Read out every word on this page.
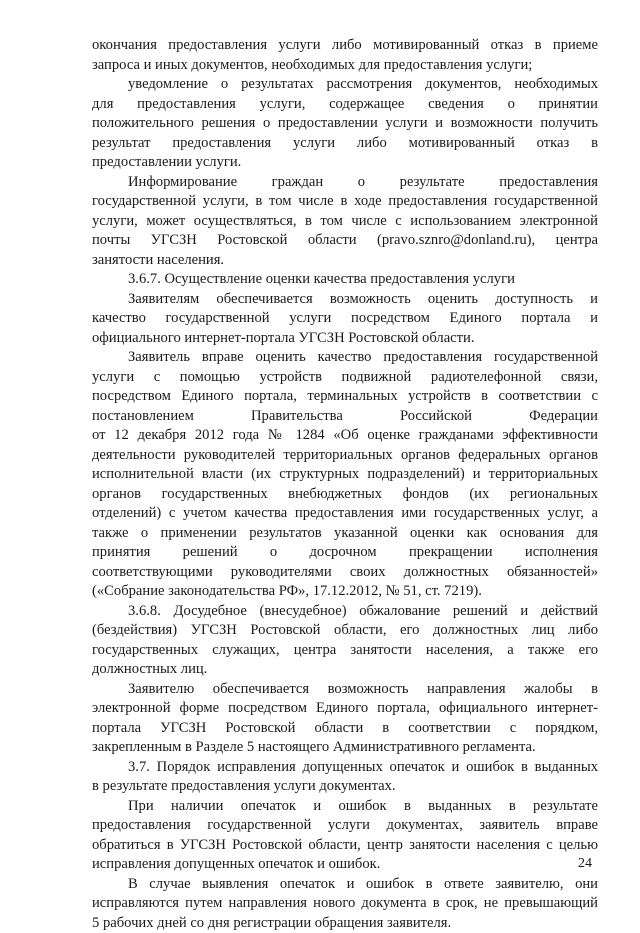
окончания предоставления услуги либо мотивированный отказ в приеме
запроса и иных документов, необходимых для предоставления услуги;
уведомление о результатах рассмотрения документов, необходимых
для предоставления услуги, содержащее сведения о принятии
положительного решения о предоставлении услуги и возможности получить
результат предоставления услуги либо мотивированный отказ в
предоставлении услуги.
Информирование граждан о результате предоставления
государственной услуги, в том числе в ходе предоставления государственной
услуги, может осуществляться, в том числе с использованием электронной
почты УГСЗН Ростовской области (pravo.sznro@donland.ru), центра
занятости населения.
3.6.7. Осуществление оценки качества предоставления услуги
Заявителям обеспечивается возможность оценить доступность и
качество государственной услуги посредством Единого портала и
официального интернет-портала УГСЗН Ростовской области.
Заявитель вправе оценить качество предоставления государственной
услуги с помощью устройств подвижной радиотелефонной связи,
посредством Единого портала, терминальных устройств в соответствии с
постановлением Правительства Российской Федерации
от 12 декабря 2012 года № 1284 «Об оценке гражданами эффективности
деятельности руководителей территориальных органов федеральных органов
исполнительной власти (их структурных подразделений) и территориальных
органов государственных внебюджетных фондов (их региональных
отделений) с учетом качества предоставления ими государственных услуг, а
также о применении результатов указанной оценки как основания для
принятия решений о досрочном прекращении исполнения
соответствующими руководителями своих должностных обязанностей»
(«Собрание законодательства РФ», 17.12.2012, № 51, ст. 7219).
3.6.8. Досудебное (внесудебное) обжалование решений и действий
(бездействия) УГСЗН Ростовской области, его должностных лиц либо
государственных служащих, центра занятости населения, а также его
должностных лиц.
Заявителю обеспечивается возможность направления жалобы в
электронной форме посредством Единого портала, официального интернет-
портала УГСЗН Ростовской области в соответствии с порядком,
закрепленным в Разделе 5 настоящего Административного регламента.
3.7. Порядок исправления допущенных опечаток и ошибок в выданных
в результате предоставления услуги документах.
При наличии опечаток и ошибок в выданных в результате
предоставления государственной услуги документах, заявитель вправе
обратиться в УГСЗН Ростовской области, центр занятости населения с целью
исправления допущенных опечаток и ошибок.
В случае выявления опечаток и ошибок в ответе заявителю, они
исправляются путем направления нового документа в срок, не превышающий
5 рабочих дней со дня регистрации обращения заявителя.
24
